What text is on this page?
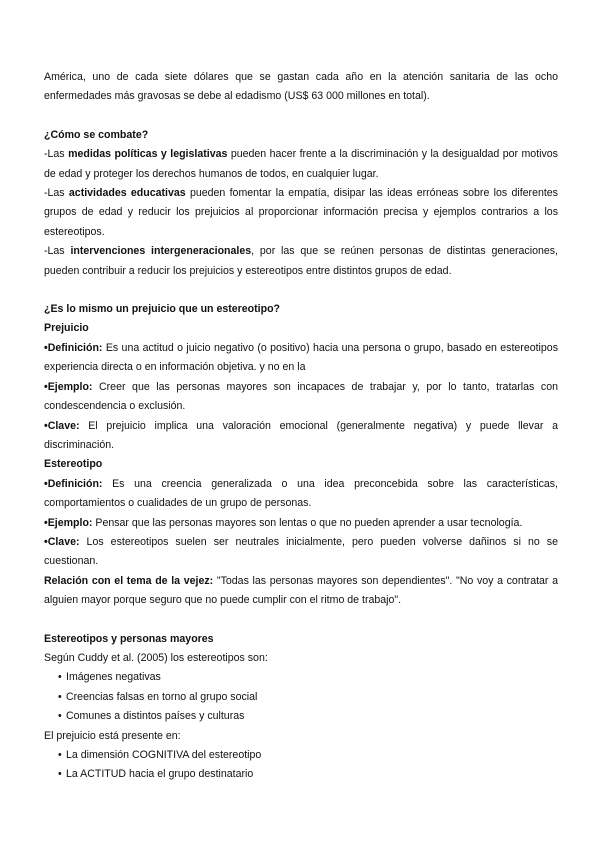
América, uno de cada siete dólares que se gastan cada año en la atención sanitaria de las ocho enfermedades más gravosas se debe al edadismo (US$ 63 000 millones en total).

¿Cómo se combate?

-Las medidas políticas y legislativas pueden hacer frente a la discriminación y la desigualdad por motivos de edad y proteger los derechos humanos de todos, en cualquier lugar.

-Las actividades educativas pueden fomentar la empatía, disipar las ideas erróneas sobre los diferentes grupos de edad y reducir los prejuicios al proporcionar información precisa y ejemplos contrarios a los estereotipos.

-Las intervenciones intergeneracionales, por las que se reúnen personas de distintas generaciones, pueden contribuir a reducir los prejuicios y estereotipos entre distintos grupos de edad.

¿Es lo mismo un prejuicio que un estereotipo?

Prejuicio

•Definición: Es una actitud o juicio negativo (o positivo) hacia una persona o grupo, basado en estereotipos experiencia directa o en información objetiva. y no en la

•Ejemplo: Creer que las personas mayores son incapaces de trabajar y, por lo tanto, tratarlas con condescendencia o exclusión.

•Clave: El prejuicio implica una valoración emocional (generalmente negativa) y puede llevar a discriminación.

Estereotipo

•Definición: Es una creencia generalizada o una idea preconcebida sobre las características, comportamientos o cualidades de un grupo de personas.

•Ejemplo: Pensar que las personas mayores son lentas o que no pueden aprender a usar tecnología.

•Clave: Los estereotipos suelen ser neutrales inicialmente, pero pueden volverse dañinos si no se cuestionan.

Relación con el tema de la vejez: "Todas las personas mayores son dependientes". "No voy a contratar a alguien mayor porque seguro que no puede cumplir con el ritmo de trabajo".

Estereotipos y personas mayores

Según Cuddy et al. (2005) los estereotipos son:

• Imágenes negativas
• Creencias falsas en torno al grupo social
• Comunes a distintos países y culturas

El prejuicio está presente en:

• La dimensión COGNITIVA del estereotipo
• La ACTITUD hacia el grupo destinatario
